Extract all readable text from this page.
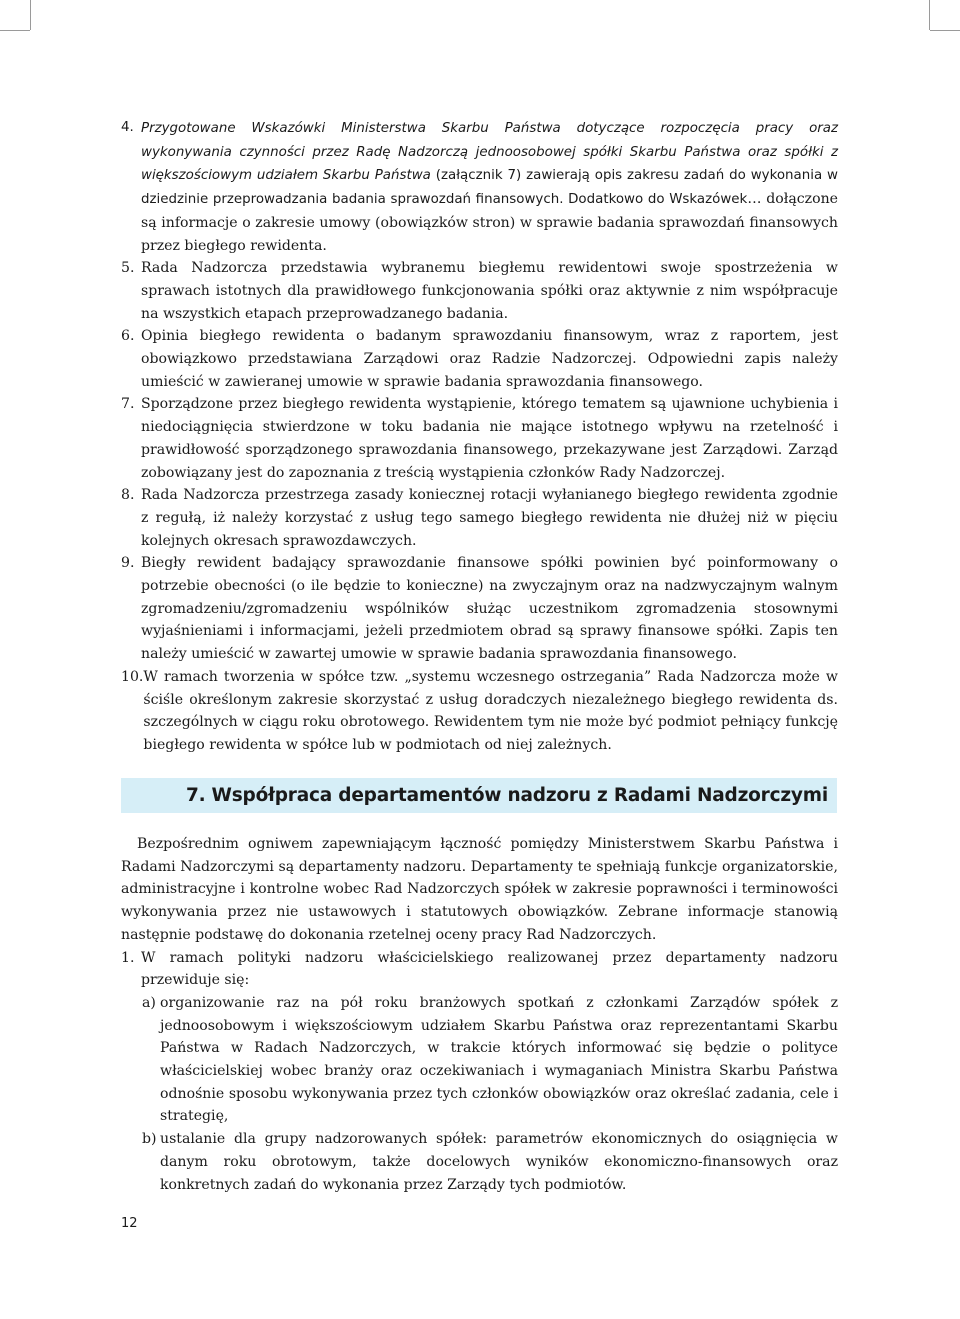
4. Przygotowane Wskazówki Ministerstwa Skarbu Państwa dotyczące rozpoczęcia pracy oraz wykonywania czynności przez Radę Nadzorczą jednoosobowej spółki Skarbu Państwa oraz spółki z większościowym udziałem Skarbu Państwa (załącznik 7) zawierają opis zakresu zadań do wykonania w dziedzinie przeprowadzania badania sprawozdań finansowych. Dodatkowo do Wskazówek… dołączone są informacje o zakresie umowy (obowiązków stron) w sprawie badania sprawozdań finansowych przez biegłego rewidenta.
5. Rada Nadzorcza przedstawia wybranemu biegłemu rewidentowi swoje spostrzeżenia w sprawach istotnych dla prawidłowego funkcjonowania spółki oraz aktywnie z nim współpracuje na wszystkich etapach przeprowadzanego badania.
6. Opinia biegłego rewidenta o badanym sprawozdaniu finansowym, wraz z raportem, jest obowiązkowo przedstawiana Zarządowi oraz Radzie Nadzorczej. Odpowiedni zapis należy umieścić w zawieranej umowie w sprawie badania sprawozdania finansowego.
7. Sporządzone przez biegłego rewidenta wystąpienie, którego tematem są ujawnione uchybienia i niedociągnięcia stwierdzone w toku badania nie mające istotnego wpływu na rzetelność i prawidłowość sporządzonego sprawozdania finansowego, przekazywane jest Zarządowi. Zarząd zobowiązany jest do zapoznania z treścią wystąpienia członków Rady Nadzorczej.
8. Rada Nadzorcza przestrzega zasady koniecznej rotacji wyłanianego biegłego rewidenta zgodnie z regułą, iż należy korzystać z usług tego samego biegłego rewidenta nie dłużej niż w pięciu kolejnych okresach sprawozdawczych.
9. Biegły rewident badający sprawozdanie finansowe spółki powinien być poinformowany o potrzebie obecności (o ile będzie to konieczne) na zwyczajnym oraz na nadzwyczajnym walnym zgromadzeniu/zgromadzeniu wspólników służąc uczestnikom zgromadzenia stosownymi wyjaśnieniami i informacjami, jeżeli przedmiotem obrad są sprawy finansowe spółki. Zapis ten należy umieścić w zawartej umowie w sprawie badania sprawozdania finansowego.
10. W ramach tworzenia w spółce tzw. „systemu wczesnego ostrzegania” Rada Nadzorcza może w ściśle określonym zakresie skorzystać z usług doradczych niezależnego biegłego rewidenta ds. szczególnych w ciągu roku obrotowego. Rewidentem tym nie może być podmiot pełniący funkcję biegłego rewidenta w spółce lub w podmiotach od niej zależnych.
7. Współpraca departamentów nadzoru z Radami Nadzorczymi

Bezpośrednim ogniwem zapewniającym łączność pomiędzy Ministerstwem Skarbu Państwa i Radami Nadzorczymi są departamenty nadzoru. Departamenty te spełniają funkcje organizatorskie, administracyjne i kontrolne wobec Rad Nadzorczych spółek w zakresie poprawności i terminowości wykonywania przez nie ustawowych i statutowych obowiązków. Zebrane informacje stanowią następnie podstawę do dokonania rzetelnej oceny pracy Rad Nadzorczych.

1. W ramach polityki nadzoru właścicielskiego realizowanej przez departamenty nadzoru przewiduje się:
a) organizowanie raz na pół roku branżowych spotkań z członkami Zarządów spółek z jednoosobowym i większościowym udziałem Skarbu Państwa oraz reprezentantami Skarbu Państwa w Radach Nadzorczych, w trakcie których informować się będzie o polityce właścicielskiej wobec branży oraz oczekiwaniach i wymaganiach Ministra Skarbu Państwa odnośnie sposobu wykonywania przez tych członków obowiązków oraz określać zadania, cele i strategię,
b) ustalanie dla grupy nadzorowanych spółek: parametrów ekonomicznych do osiągnięcia w danym roku obrotowym, także docelowych wyników ekonomiczno-finansowych oraz konkretnych zadań do wykonania przez Zarządy tych podmiotów.
12
